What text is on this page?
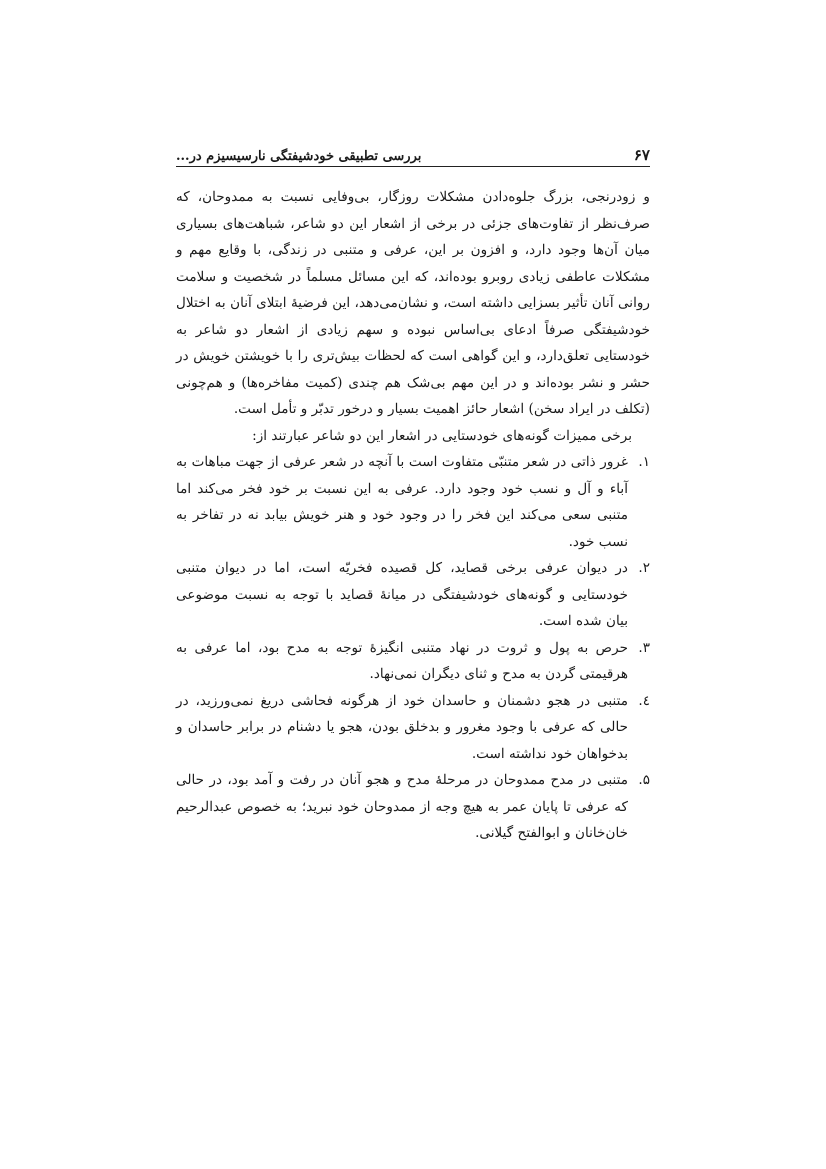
۶۷
بررسی تطبیقی خودشیفتگی نارسیسیزم در...

و زودرنجی، بزرگ جلوه‌دادن مشکلات روزگار، بی‌وفایی نسبت به ممدوحان، که صرف‌نظر از تفاوت‌های جزئی در برخی از اشعار این دو شاعر، شباهت‌های بسیاری میان آن‌ها وجود دارد، و افزون بر این، عرفی و متنبی در زندگی، با وقایع مهم و مشکلات عاطفی زیادی روبرو بوده‌اند، که این مسائل مسلماً در شخصیت و سلامت روانی آنان تأثیر بسزایی داشته است، و نشان‌می‌دهد، این فرضیهٔ ابتلای آنان به اختلال خودشیفتگی صرفاً ادعای بی‌اساس نبوده و سهم زیادی از اشعار دو شاعر به خودستایی تعلق‌دارد، و این گواهی است که لحظات بیش‌تری را با خویشتن خویش در حشر و نشر بوده‌اند و در این مهم بی‌شک هم چندی (کمیت مفاخره‌ها) و هم‌چونی (تکلف در ایراد سخن) اشعار حائز اهمیت بسیار و درخور تدبّر و تأمل است.

برخی ممیزات گونه‌های خودستایی در اشعار این دو شاعر عبارتند از:

۱.
غرور ذاتی در شعر متنبّی متفاوت است با آنچه در شعر عرفی از جهت مباهات به آباء و آل و نسب خود وجود دارد. عرفی به این نسبت بر خود فخر می‌کند اما متنبی سعی می‌کند این فخر را در وجود خود و هنر خویش بیابد نه در تفاخر به نسب خود.
۲.
در دیوان عرفی برخی قصاید، کل قصیده فخریّه است، اما در دیوان متنبی خودستایی و گونه‌های خودشیفتگی در میانهٔ قصاید با توجه به نسبت موضوعی بیان شده است.
۳.
حرص به پول و ثروت در نهاد متنبی انگیزهٔ توجه به مدح بود، اما عرفی به هرقیمتی گردن به مدح و ثنای دیگران نمی‌نهاد.
٤.
متنبی در هجو دشمنان و حاسدان خود از هرگونه فحاشی دریغ نمی‌ورزید، در حالی که عرفی با وجود مغرور و بدخلق بودن، هجو یا دشنام در برابر حاسدان و بدخواهان خود نداشته است.
۵.
متنبی در مدح ممدوحان در مرحلهٔ مدح و هجو آنان در رفت و آمد بود، در حالی که عرفی تا پایان عمر به هیچ وجه از ممدوحان خود نبرید؛ به خصوص عبدالرحیم خان‌خانان و ابوالفتح گیلانی.
